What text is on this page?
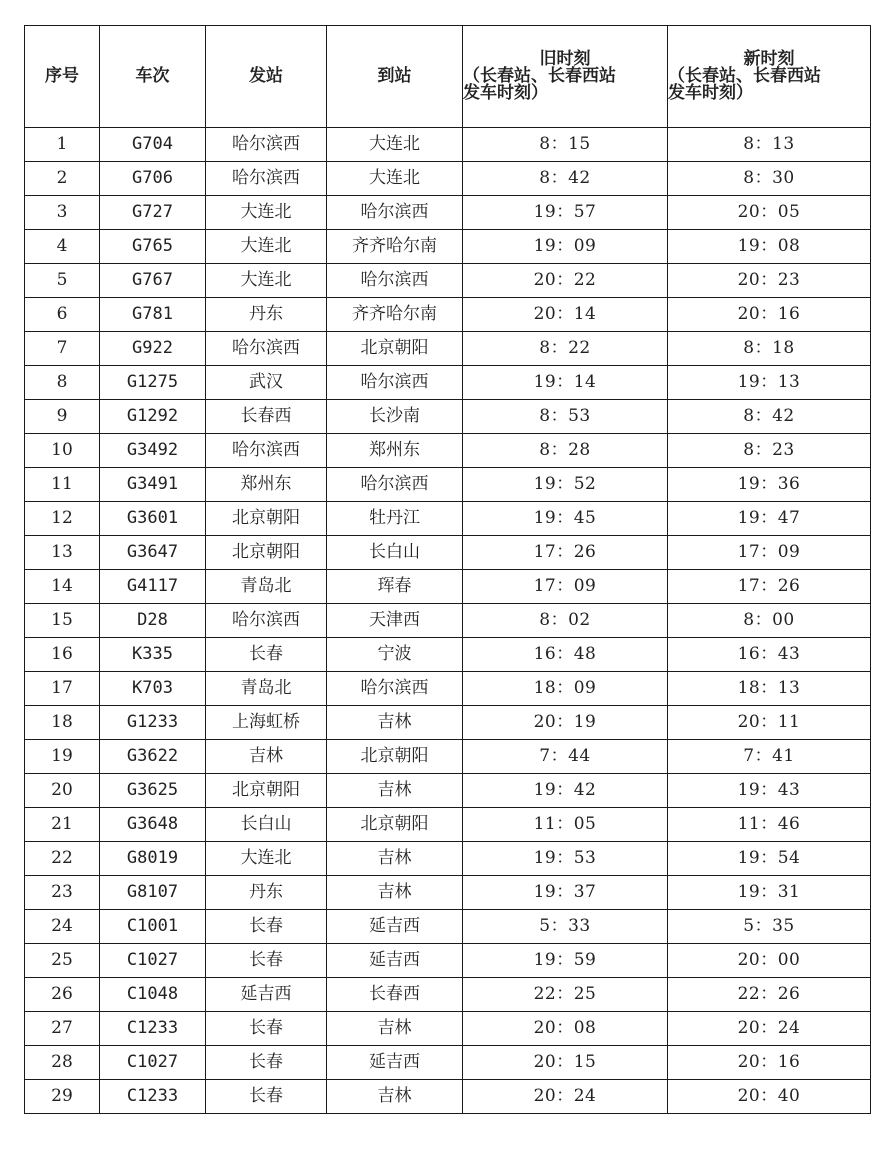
序号	车次	发站	到站	旧时刻
（长春站、长春西站
发车时刻）	新时刻
（长春站、长春西站
发车时刻）

1	G704	哈尔滨西	大连北	8：15	8：13
2	G706	哈尔滨西	大连北	8：42	8：30
3	G727	大连北	哈尔滨西	19：57	20：05
4	G765	大连北	齐齐哈尔南	19：09	19：08
5	G767	大连北	哈尔滨西	20：22	20：23
6	G781	丹东	齐齐哈尔南	20：14	20：16
7	G922	哈尔滨西	北京朝阳	8：22	8：18
8	G1275	武汉	哈尔滨西	19：14	19：13
9	G1292	长春西	长沙南	8：53	8：42
10	G3492	哈尔滨西	郑州东	8：28	8：23
11	G3491	郑州东	哈尔滨西	19：52	19：36
12	G3601	北京朝阳	牡丹江	19：45	19：47
13	G3647	北京朝阳	长白山	17：26	17：09
14	G4117	青岛北	珲春	17：09	17：26
15	D28	哈尔滨西	天津西	8：02	8：00
16	K335	长春	宁波	16：48	16：43
17	K703	青岛北	哈尔滨西	18：09	18：13
18	G1233	上海虹桥	吉林	20：19	20：11
19	G3622	吉林	北京朝阳	7：44	7：41
20	G3625	北京朝阳	吉林	19：42	19：43
21	G3648	长白山	北京朝阳	11：05	11：46
22	G8019	大连北	吉林	19：53	19：54
23	G8107	丹东	吉林	19：37	19：31
24	C1001	长春	延吉西	5：33	5：35
25	C1027	长春	延吉西	19：59	20：00
26	C1048	延吉西	长春西	22：25	22：26
27	C1233	长春	吉林	20：08	20：24
28	C1027	长春	延吉西	20：15	20：16
29	C1233	长春	吉林	20：24	20：40
